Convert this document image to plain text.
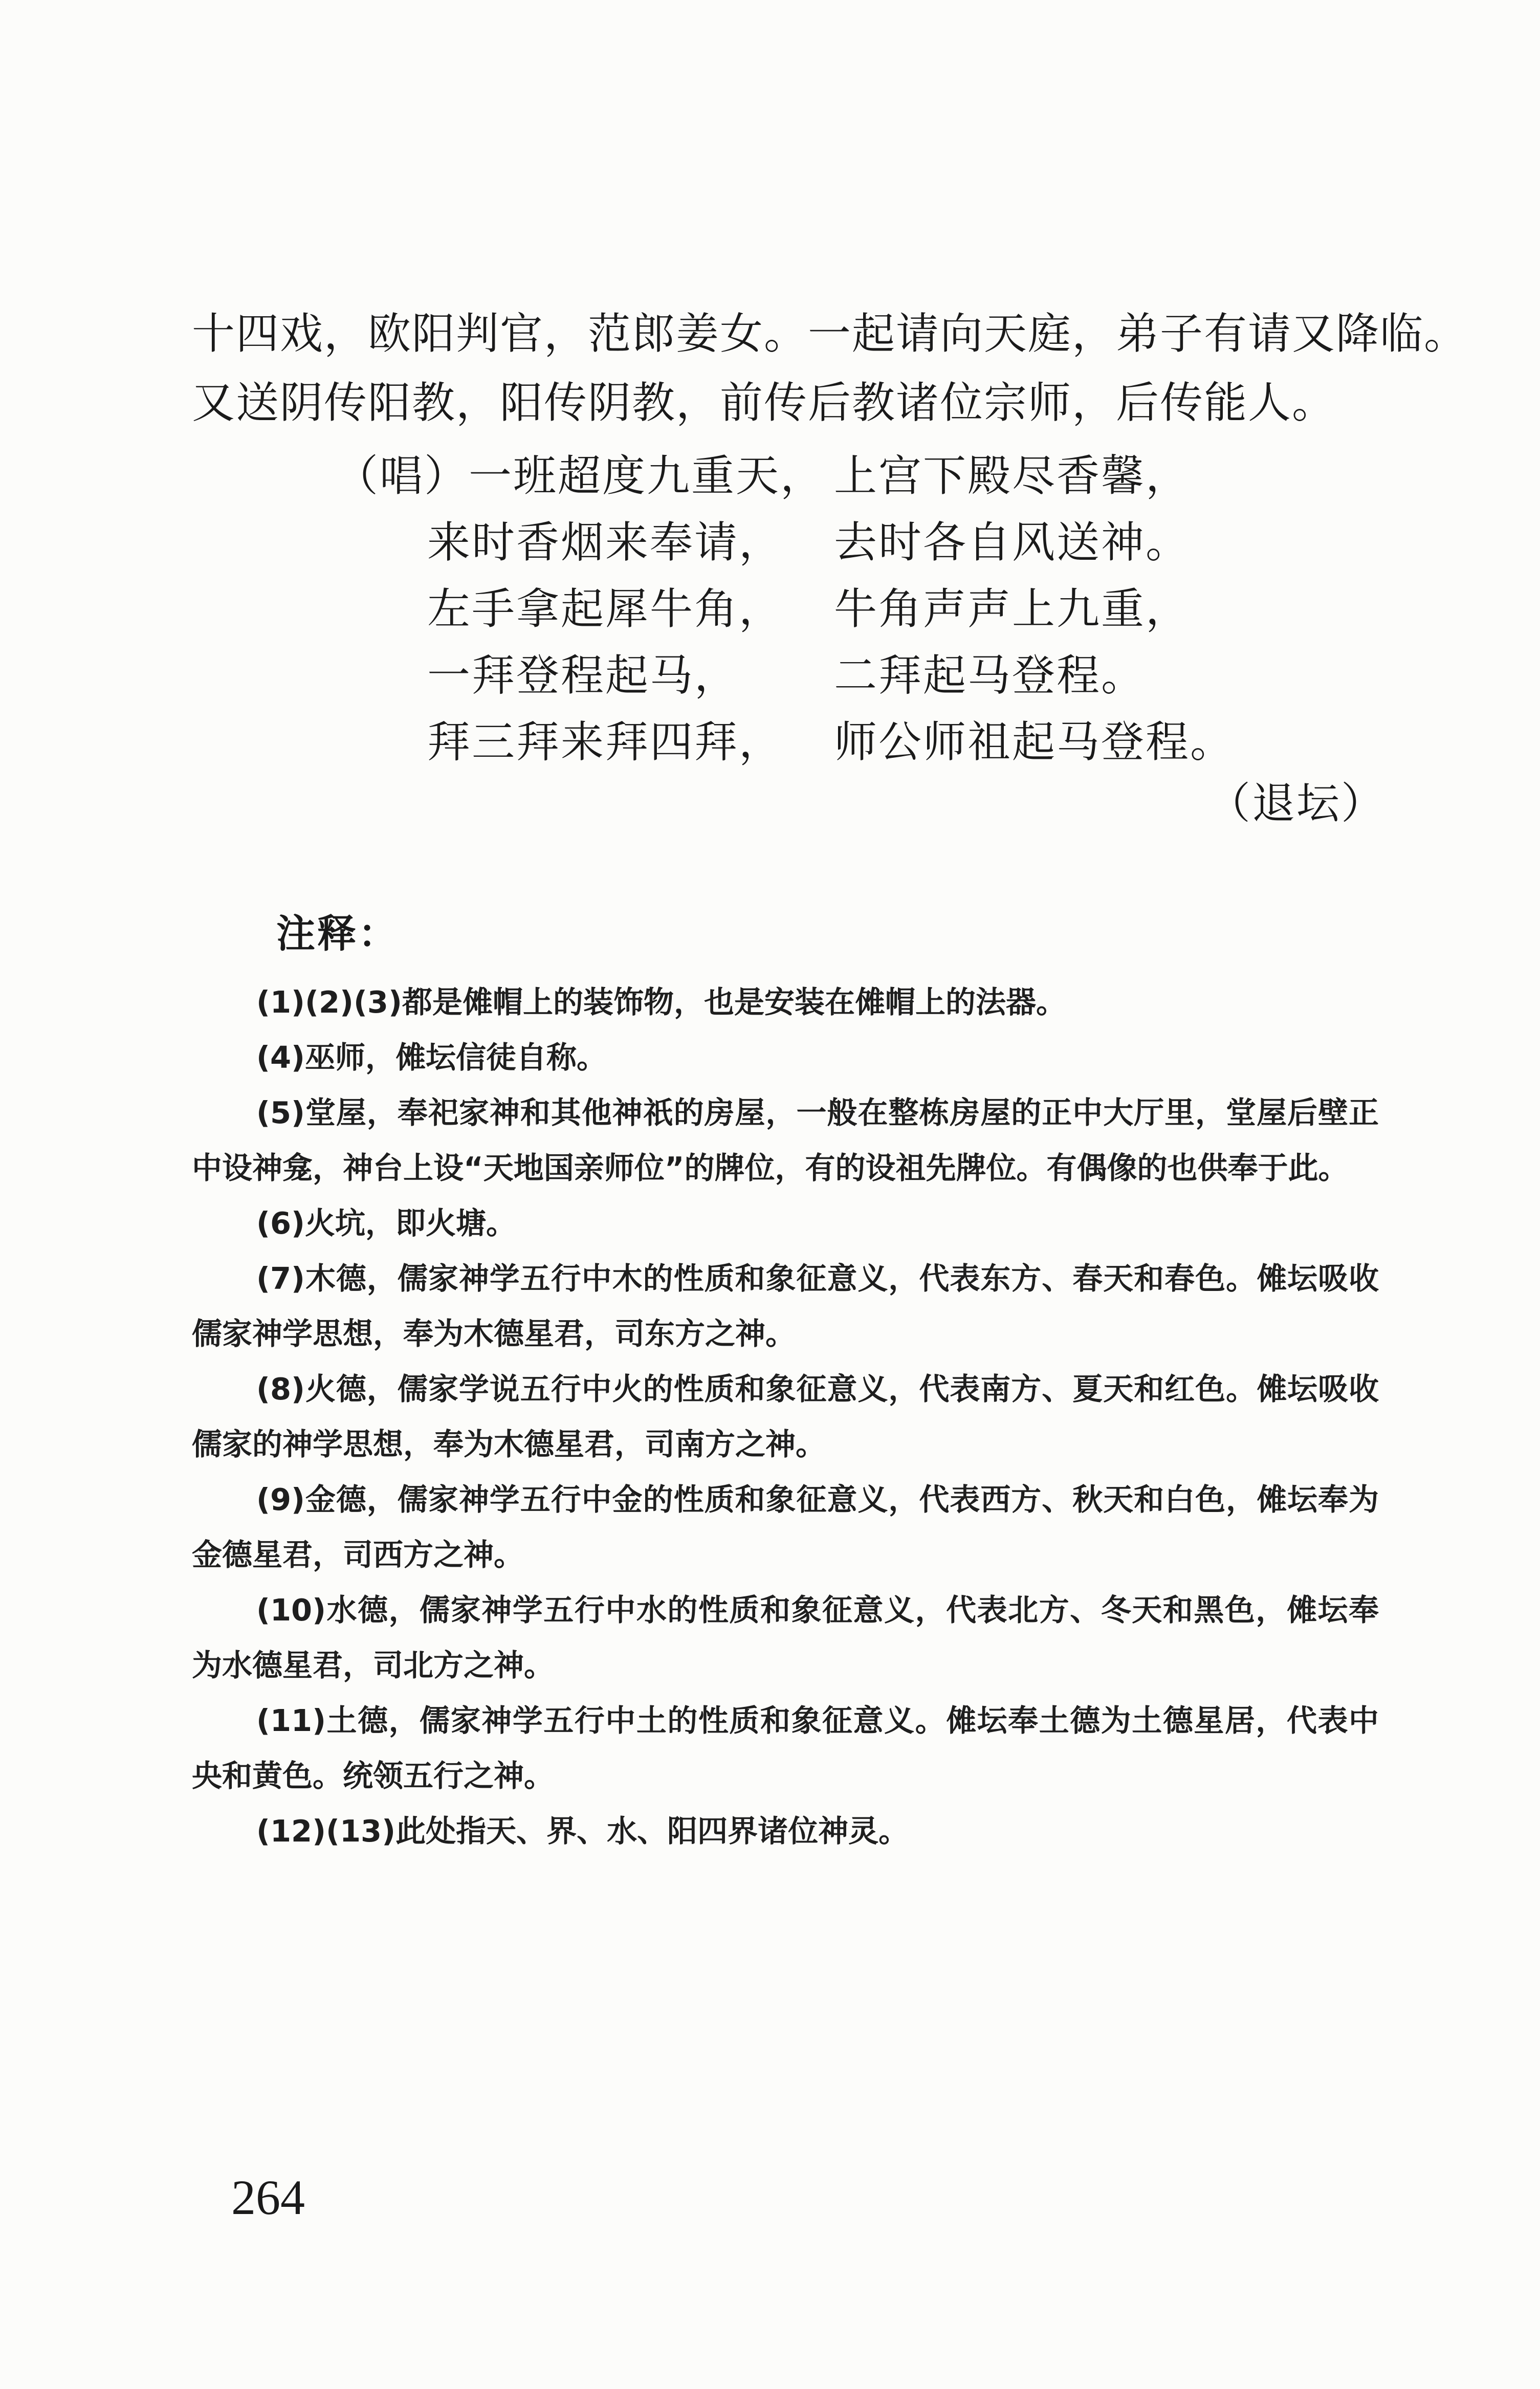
十四戏，欧阳判官，范郎姜女。一起请向天庭，弟子有请又降临。

又送阴传阳教，阳传阴教，前传后教诸位宗师，后传能人。

（唱）一班超度九重天， 上宫下殿尽香馨，
来时香烟来奉请， 去时各自风送神。
左手拿起犀牛角， 牛角声声上九重，
一拜登程起马， 二拜起马登程。
拜三拜来拜四拜， 师公师祖起马登程。
（退坛）
注释：

(1)(2)(3)都是傩帽上的装饰物，也是安装在傩帽上的法器。

(4)巫师，傩坛信徒自称。

(5)堂屋，奉祀家神和其他神祇的房屋，一般在整栋房屋的正中大厅里，堂屋后壁正中设神龛，神台上设“天地国亲师位”的牌位，有的设祖先牌位。有偶像的也供奉于此。

(6)火坑，即火塘。

(7)木德，儒家神学五行中木的性质和象征意义，代表东方、春天和春色。傩坛吸收儒家神学思想，奉为木德星君，司东方之神。

(8)火德，儒家学说五行中火的性质和象征意义，代表南方、夏天和红色。傩坛吸收儒家的神学思想，奉为木德星君，司南方之神。

(9)金德，儒家神学五行中金的性质和象征意义，代表西方、秋天和白色，傩坛奉为金德星君，司西方之神。

(10)水德，儒家神学五行中水的性质和象征意义，代表北方、冬天和黑色，傩坛奉为水德星君，司北方之神。

(11)土德，儒家神学五行中土的性质和象征意义。傩坛奉土德为土德星居，代表中央和黄色。统领五行之神。

(12)(13)此处指天、界、水、阳四界诸位神灵。

264
